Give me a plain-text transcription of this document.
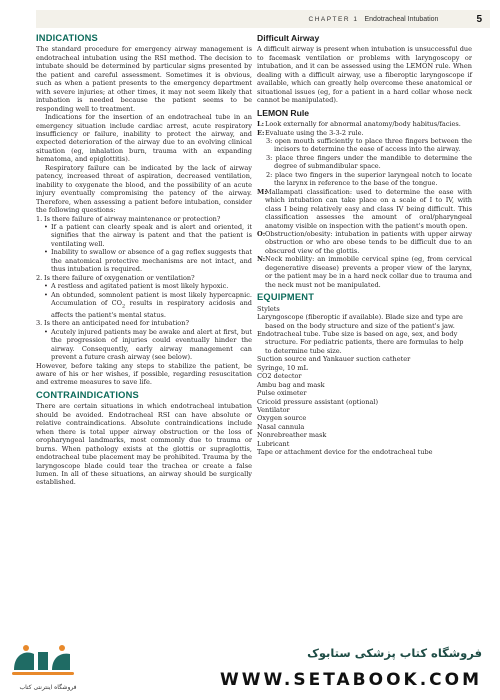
CHAPTER 1 Endotracheal Intubation	5
INDICATIONS

The standard procedure for emergency airway management is endotracheal intubation using the RSI method. The decision to intubate should be determined by particular signs presented by the patient and careful assessment. Sometimes it is obvious, such as when a patient presents to the emergency department with severe injuries; at other times, it may not seem likely that intubation is needed because the patient seems to be responding well to treatment.

Indications for the insertion of an endotracheal tube in an emergency situation include cardiac arrest, acute respiratory insufficiency or failure, inability to protect the airway, and expected deterioration of the airway due to an evolving clinical situation (eg, inhalation burn, trauma with an expanding hematoma, and epiglottitis).

Respiratory failure can be indicated by the lack of airway patency, increased threat of aspiration, decreased ventilation, inability to oxygenate the blood, and the possibility of an acute injury eventually compromising the patency of the airway. Therefore, when assessing a patient before intubation, consider the following questions:

1. Is there failure of airway maintenance or protection?
• If a patient can clearly speak and is alert and oriented, it signifies that the airway is patent and that the patient is ventilating well.
• Inability to swallow or absence of a gag reflex suggests that the anatomical protective mechanisms are not intact, and thus intubation is required.
2. Is there failure of oxygenation or ventilation?
• A restless and agitated patient is most likely hypoxic.
• An obtunded, somnolent patient is most likely hypercapnic. Accumulation of $CO_2$ results in respiratory acidosis and affects the patient's mental status.
3. Is there an anticipated need for intubation?
• Acutely injured patients may be awake and alert at first, but the progression of injuries could eventually hinder the airway. Consequently, early airway management can prevent a future crash airway (see below).

However, before taking any steps to stabilize the patient, be aware of his or her wishes, if possible, regarding resuscitation and extreme measures to save life.

CONTRAINDICATIONS

There are certain situations in which endotracheal intubation should be avoided. Endotracheal RSI can have absolute or relative contraindications. Absolute contraindications include when there is total upper airway obstruction or the loss of oropharyngeal landmarks, most commonly due to trauma or burns. When pathology exists at the glottis or supraglottis, endotracheal tube placement may be prohibited. Trauma by the laryngoscope blade could tear the trachea or create a false lumen. In all of these situations, an airway should be surgically established.

Difficult Airway

A difficult airway is present when intubation is unsuccessful due to facemask ventilation or problems with laryngoscopy or intubation, and it can be assessed using the LEMON rule. When dealing with a difficult airway, use a fiberoptic laryngoscope if available, which can greatly help overcome these anatomical or situational issues (eg, for a patient in a hard collar whose neck cannot be manipulated).

LEMON Rule
L: Look externally for abnormal anatomy/body habitus/facies.
E: Evaluate using the 3-3-2 rule.
3: open mouth sufficiently to place three fingers between the incisors to determine the ease of access into the airway.
3: place three fingers under the mandible to determine the degree of submandibular space.
2: place two fingers in the superior laryngeal notch to locate the larynx in reference to the base of the tongue.
M:
Mallampati classification: used to determine the ease with which intubation can take place on a scale of I to IV, with class I being relatively easy and class IV being difficult. This classification assesses the amount of oral/pharyngeal anatomy visible on inspection with the patient's mouth open.
O: Obstruction/obesity: intubation in patients with upper airway obstruction or who are obese tends to be difficult due to an obscured view of the glottis.
N: Neck mobility: an immobile cervical spine (eg, from cervical degenerative disease) prevents a proper view of the larynx, or the patient may be in a hard neck collar due to trauma and the neck must not be manipulated.
EQUIPMENT
Stylets
Laryngoscope (fiberoptic if available). Blade size and type are based on the body structure and size of the patient's jaw.
Endotracheal tube. Tube size is based on age, sex, and body structure. For pediatric patients, there are formulas to help to determine tube size.
Suction source and Yankauer suction catheter
Syringe, 10 mL
CO2 detector
Ambu bag and mask
Pulse oximeter
Cricoid pressure assistant (optional)
Ventilator
Oxygen source
Nasal cannula
Nonrebreather mask
Lubricant
Tape or attachment device for the endotracheal tube
فروشگاه اینترنتی کتاب
فروشگاه کتاب پزشکی ستابوک
WWW.SETABOOK.COM
